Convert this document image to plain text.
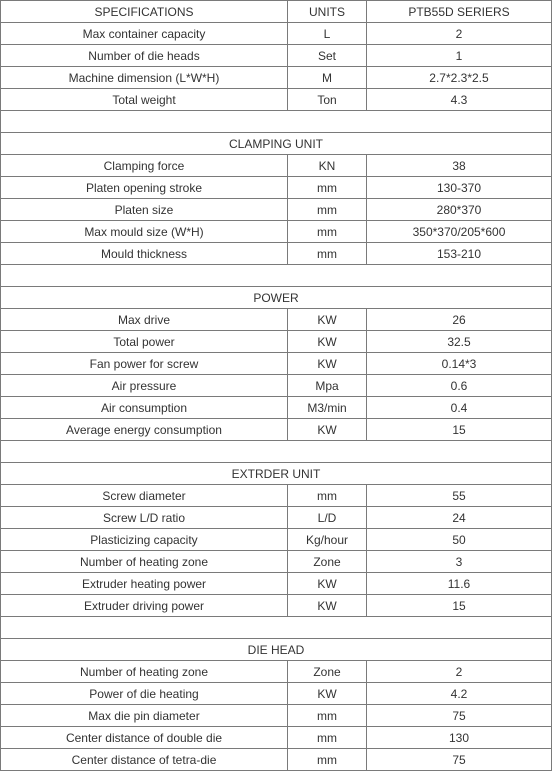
SPECIFICATIONS	UNITS	PTB55D SERIERS
Max container capacity	L	2
Number of die heads	Set	1
Machine dimension (L*W*H)	M	2.7*2.3*2.5
Total weight	Ton	4.3

CLAMPING UNIT		
Clamping force	KN	38
Platen opening stroke	mm	130-370
Platen size	mm	280*370
Max mould size (W*H)	mm	350*370/205*600
Mould thickness	mm	153-210

POWER		
Max drive	KW	26
Total power	KW	32.5
Fan power for screw	KW	0.14*3
Air pressure	Mpa	0.6
Air consumption	M3/min	0.4
Average energy consumption	KW	15

EXTRDER UNIT		
Screw diameter	mm	55
Screw L/D ratio	L/D	24
Plasticizing capacity	Kg/hour	50
Number of heating zone	Zone	3
Extruder heating power	KW	11.6
Extruder driving power	KW	15

DIE HEAD		
Number of heating zone	Zone	2
Power of die heating	KW	4.2
Max die pin diameter	mm	75
Center distance of double die	mm	130
Center distance of tetra-die	mm	75
